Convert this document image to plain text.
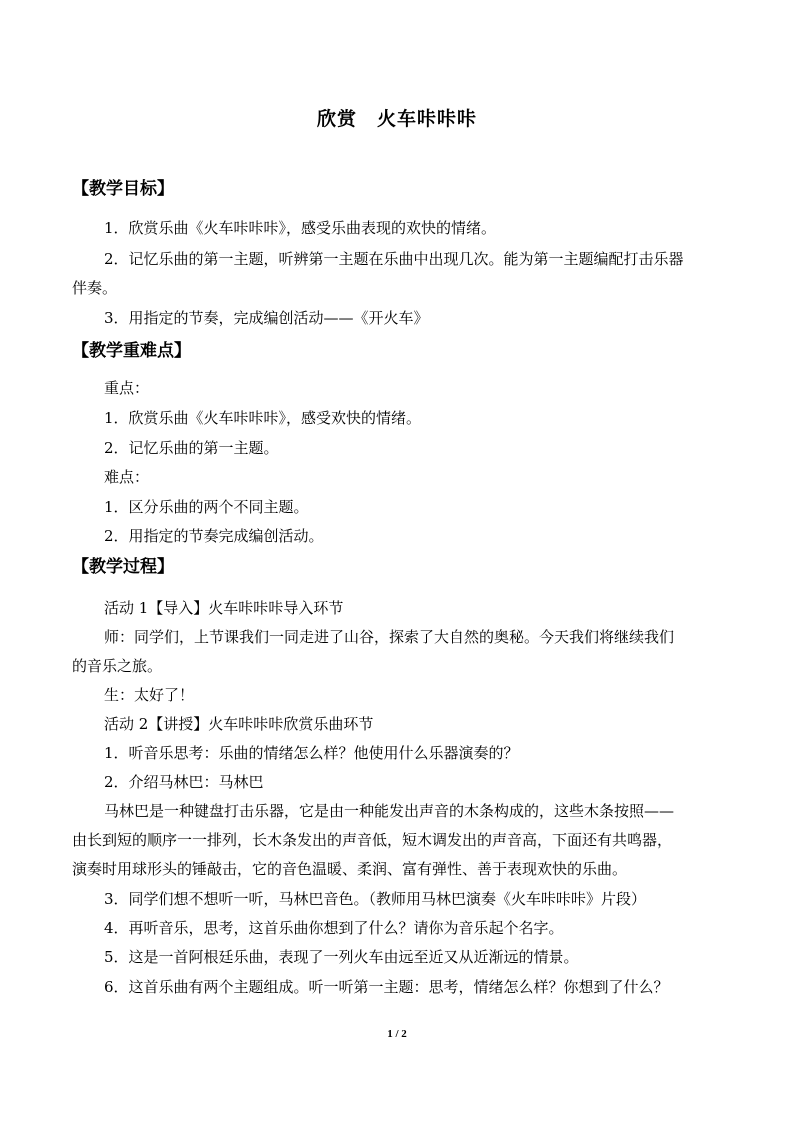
欣赏　火车咔咔咔
【教学目标】
1．欣赏乐曲《火车咔咔咔》，感受乐曲表现的欢快的情绪。
2．记忆乐曲的第一主题，听辨第一主题在乐曲中出现几次。能为第一主题编配打击乐器
伴奏。
3．用指定的节奏，完成编创活动——《开火车》
【教学重难点】
重点：
1．欣赏乐曲《火车咔咔咔》，感受欢快的情绪。
2．记忆乐曲的第一主题。
难点：
1．区分乐曲的两个不同主题。
2．用指定的节奏完成编创活动。
【教学过程】
活动 1【导入】火车咔咔咔导入环节
师：同学们，上节课我们一同走进了山谷，探索了大自然的奥秘。今天我们将继续我们
的音乐之旅。
生：太好了！
活动 2【讲授】火车咔咔咔欣赏乐曲环节
1．听音乐思考：乐曲的情绪怎么样？他使用什么乐器演奏的？
2．介绍马林巴：马林巴
马林巴是一种键盘打击乐器，它是由一种能发出声音的木条构成的，这些木条按照——
由长到短的顺序一一排列，长木条发出的声音低，短木调发出的声音高，下面还有共鸣器，
演奏时用球形头的锤敲击，它的音色温暖、柔润、富有弹性、善于表现欢快的乐曲。
3．同学们想不想听一听，马林巴音色。（教师用马林巴演奏《火车咔咔咔》片段）
4．再听音乐，思考，这首乐曲你想到了什么？请你为音乐起个名字。
5．这是一首阿根廷乐曲，表现了一列火车由远至近又从近渐远的情景。
6．这首乐曲有两个主题组成。听一听第一主题：思考，情绪怎么样？你想到了什么？
1 / 2
